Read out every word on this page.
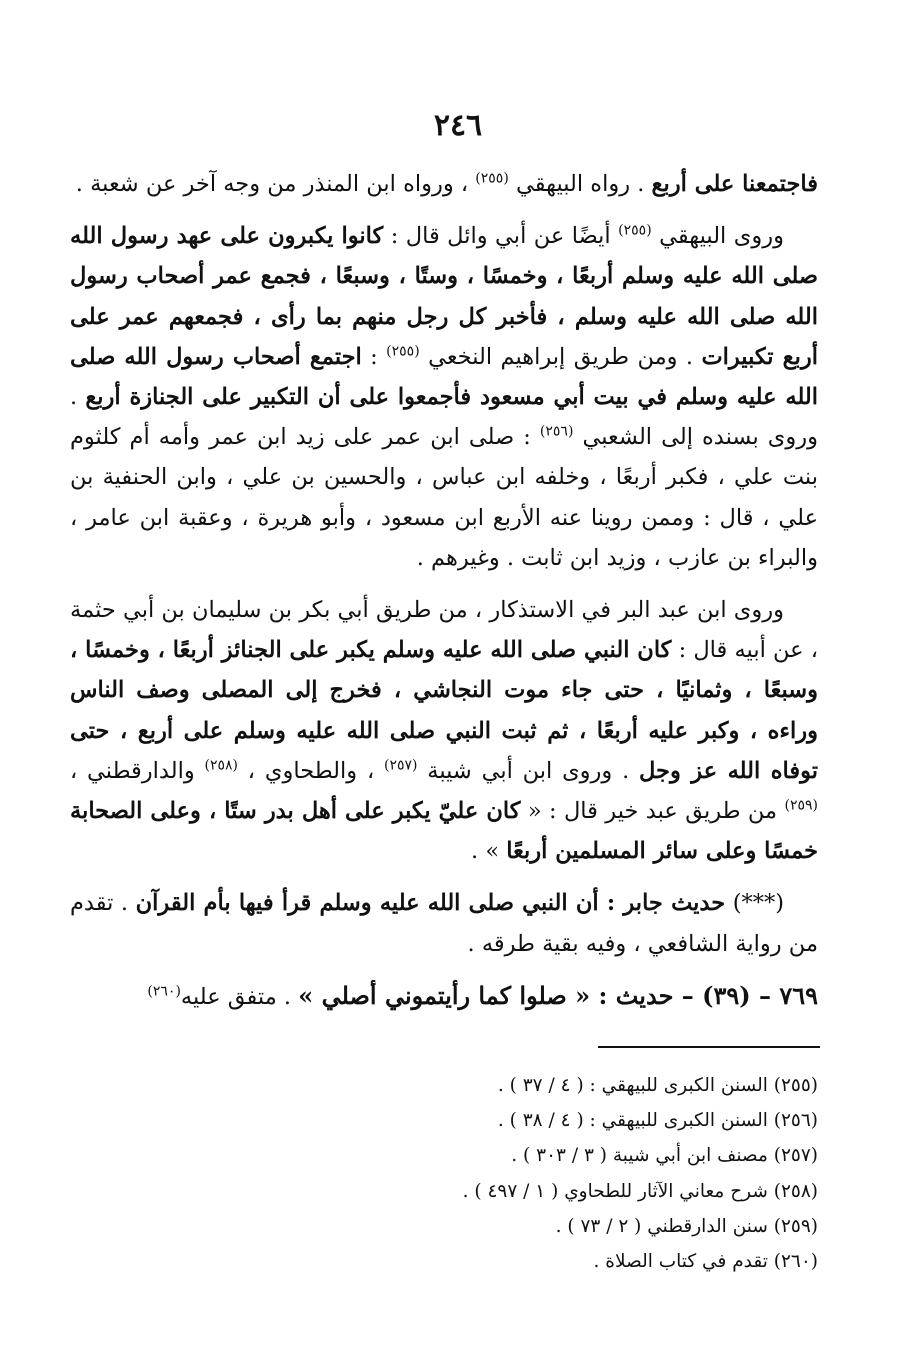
٢٤٦

فاجتمعنا على أربع . رواه البيهقي $^{(٢٥٥)}$ ، ورواه ابن المنذر من وجه آخر عن شعبة .

وروى البيهقي $^{(٢٥٥)}$ أيضًا عن أبي وائل قال : كانوا يكبرون على عهد رسول الله صلى الله عليه وسلم أربعًا ، وخمسًا ، وستًا ، وسبعًا ، فجمع عمر أصحاب رسول الله صلى الله عليه وسلم ، فأخبر كل رجل منهم بما رأى ، فجمعهم عمر على أربع تكبيرات . ومن طريق إبراهيم النخعي $^{(٢٥٥)}$ : اجتمع أصحاب رسول الله صلى الله عليه وسلم في بيت أبي مسعود فأجمعوا على أن التكبير على الجنازة أربع . وروى بسنده إلى الشعبي $^{(٢٥٦)}$ : صلى ابن عمر على زيد ابن عمر وأمه أم كلثوم بنت علي ، فكبر أربعًا ، وخلفه ابن عباس ، والحسين بن علي ، وابن الحنفية بن علي ، قال : وممن روينا عنه الأربع ابن مسعود ، وأبو هريرة ، وعقبة ابن عامر ، والبراء بن عازب ، وزيد ابن ثابت . وغيرهم .

وروى ابن عبد البر في الاستذكار ، من طريق أبي بكر بن سليمان بن أبي حثمة ، عن أبيه قال : كان النبي صلى الله عليه وسلم يكبر على الجنائز أربعًا ، وخمسًا ، وسبعًا ، وثمانيًا ، حتى جاء موت النجاشي ، فخرج إلى المصلى وصف الناس وراءه ، وكبر عليه أربعًا ، ثم ثبت النبي صلى الله عليه وسلم على أربع ، حتى توفاه الله عز وجل . وروى ابن أبي شيبة $^{(٢٥٧)}$ ، والطحاوي ، $^{(٢٥٨)}$ والدارقطني ، $^{(٢٥٩)}$ من طريق عبد خير قال : « كان عليّ يكبر على أهل بدر ستًا ، وعلى الصحابة خمسًا وعلى سائر المسلمين أربعًا » .

(***) حديث جابر : أن النبي صلى الله عليه وسلم قرأ فيها بأم القرآن . تقدم من رواية الشافعي ، وفيه بقية طرقه .

٧٦٩ – (٣٩) – حديث : « صلوا كما رأيتموني أصلي » . متفق عليه$^{(٢٦٠)}$

(٢٥٥) السنن الكبرى للبيهقي : ( ٤ / ٣٧ ) .
(٢٥٦) السنن الكبرى للبيهقي : ( ٤ / ٣٨ ) .
(٢٥٧) مصنف ابن أبي شيبة ( ٣ / ٣٠٣ ) .
(٢٥٨) شرح معاني الآثار للطحاوي ( ١ / ٤٩٧ ) .
(٢٥٩) سنن الدارقطني ( ٢ / ٧٣ ) .
(٢٦٠) تقدم في كتاب الصلاة .
